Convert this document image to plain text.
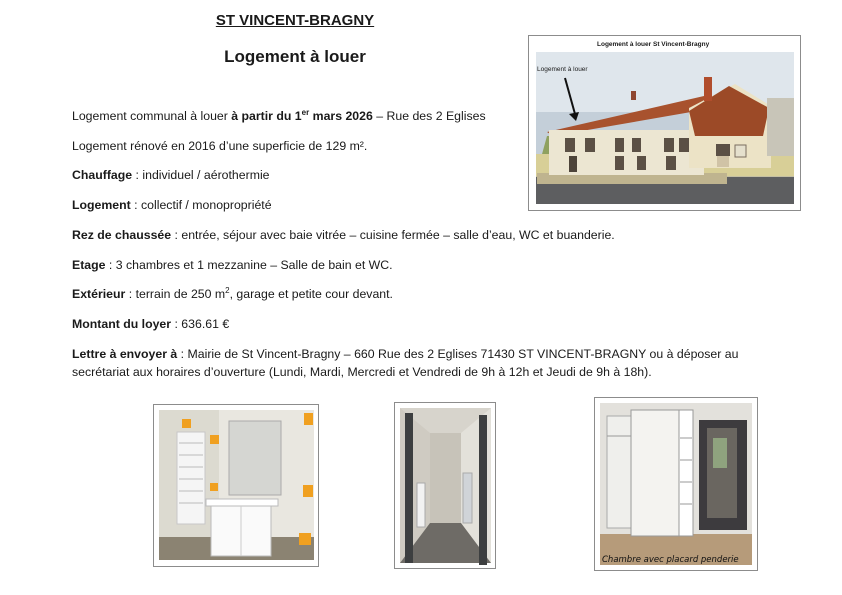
ST VINCENT-BRAGNY
Logement à louer
Logement communal à louer à partir du 1er mars 2026 – Rue des 2 Eglises
Logement rénové en 2016 d’une superficie de 129 m².
Chauffage : individuel / aérothermie
Logement : collectif / monopropriété
Rez de chaussée : entrée, séjour avec baie vitrée – cuisine fermée – salle d’eau, WC et buanderie.
Etage : 3 chambres et 1 mezzanine – Salle de bain et WC.
Extérieur : terrain de 250 $m^2$, garage et petite cour devant.
Montant du loyer : 636.61 €
Lettre à envoyer à : Mairie de St Vincent-Bragny – 660 Rue des 2 Eglises 71430 ST VINCENT-BRAGNY ou à déposer au
secrétariat aux horaires d’ouverture (Lundi, Mardi, Mercredi et Vendredi de 9h à 12h et Jeudi de 9h à 18h).
Logement à louer St Vincent-Bragny
Logement à louer
Chambre avec placard penderie
